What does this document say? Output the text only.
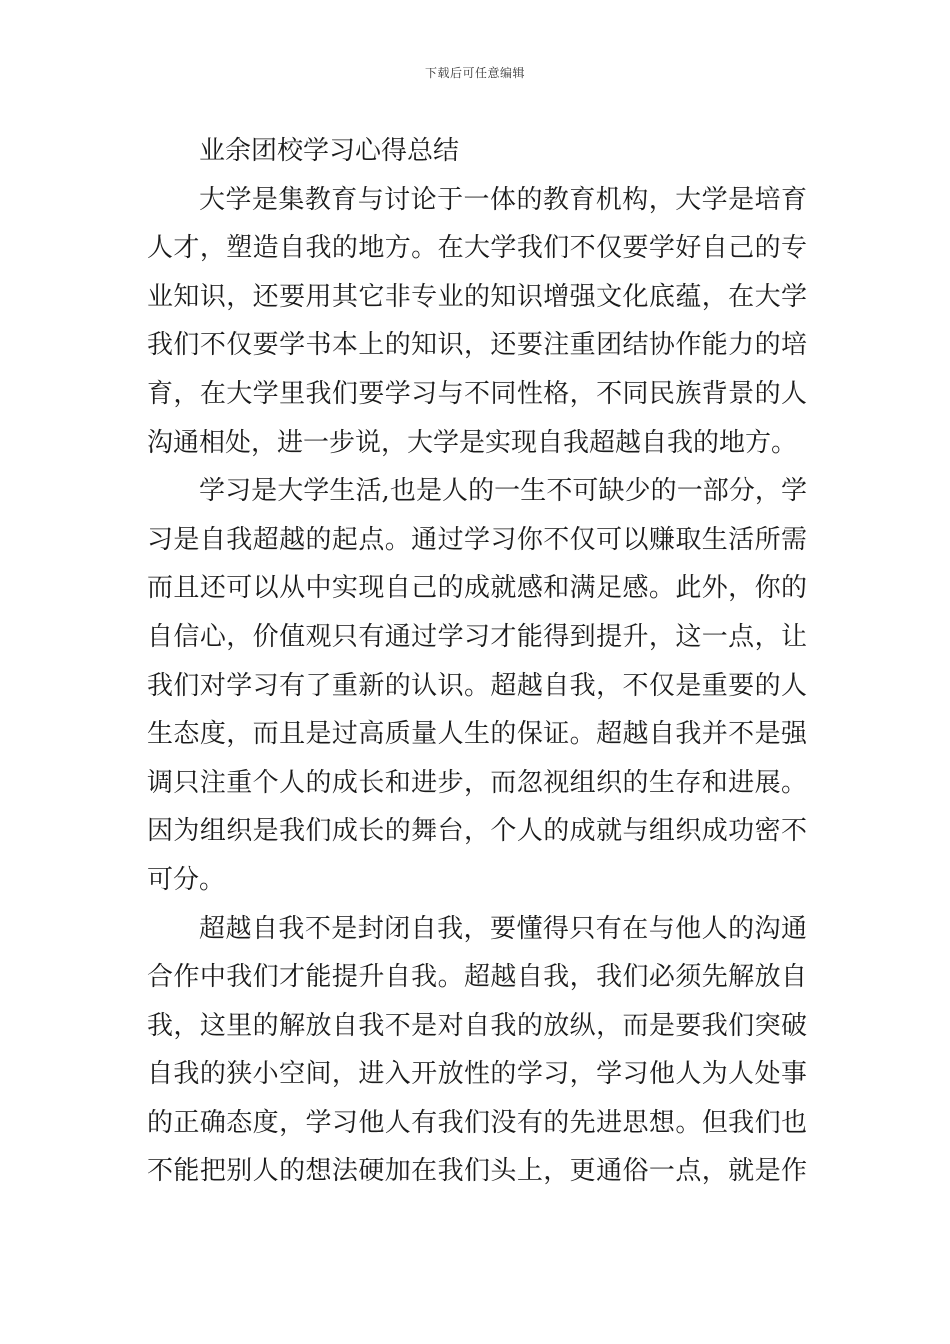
下载后可任意编辑
业余团校学习心得总结

大学是集教育与讨论于一体的教育机构，大学是培育
人才，塑造自我的地方。在大学我们不仅要学好自己的专
业知识，还要用其它非专业的知识增强文化底蕴，在大学
我们不仅要学书本上的知识，还要注重团结协作能力的培
育，在大学里我们要学习与不同性格，不同民族背景的人
沟通相处，进一步说，大学是实现自我超越自我的地方。

学习是大学生活,也是人的一生不可缺少的一部分，学
习是自我超越的起点。通过学习你不仅可以赚取生活所需
而且还可以从中实现自己的成就感和满足感。此外，你的
自信心，价值观只有通过学习才能得到提升，这一点，让
我们对学习有了重新的认识。超越自我，不仅是重要的人
生态度，而且是过高质量人生的保证。超越自我并不是强
调只注重个人的成长和进步，而忽视组织的生存和进展。
因为组织是我们成长的舞台，个人的成就与组织成功密不
可分。

超越自我不是封闭自我，要懂得只有在与他人的沟通
合作中我们才能提升自我。超越自我，我们必须先解放自
我，这里的解放自我不是对自我的放纵，而是要我们突破
自我的狭小空间，进入开放性的学习，学习他人为人处事
的正确态度，学习他人有我们没有的先进思想。但我们也
不能把别人的想法硬加在我们头上，更通俗一点，就是作
